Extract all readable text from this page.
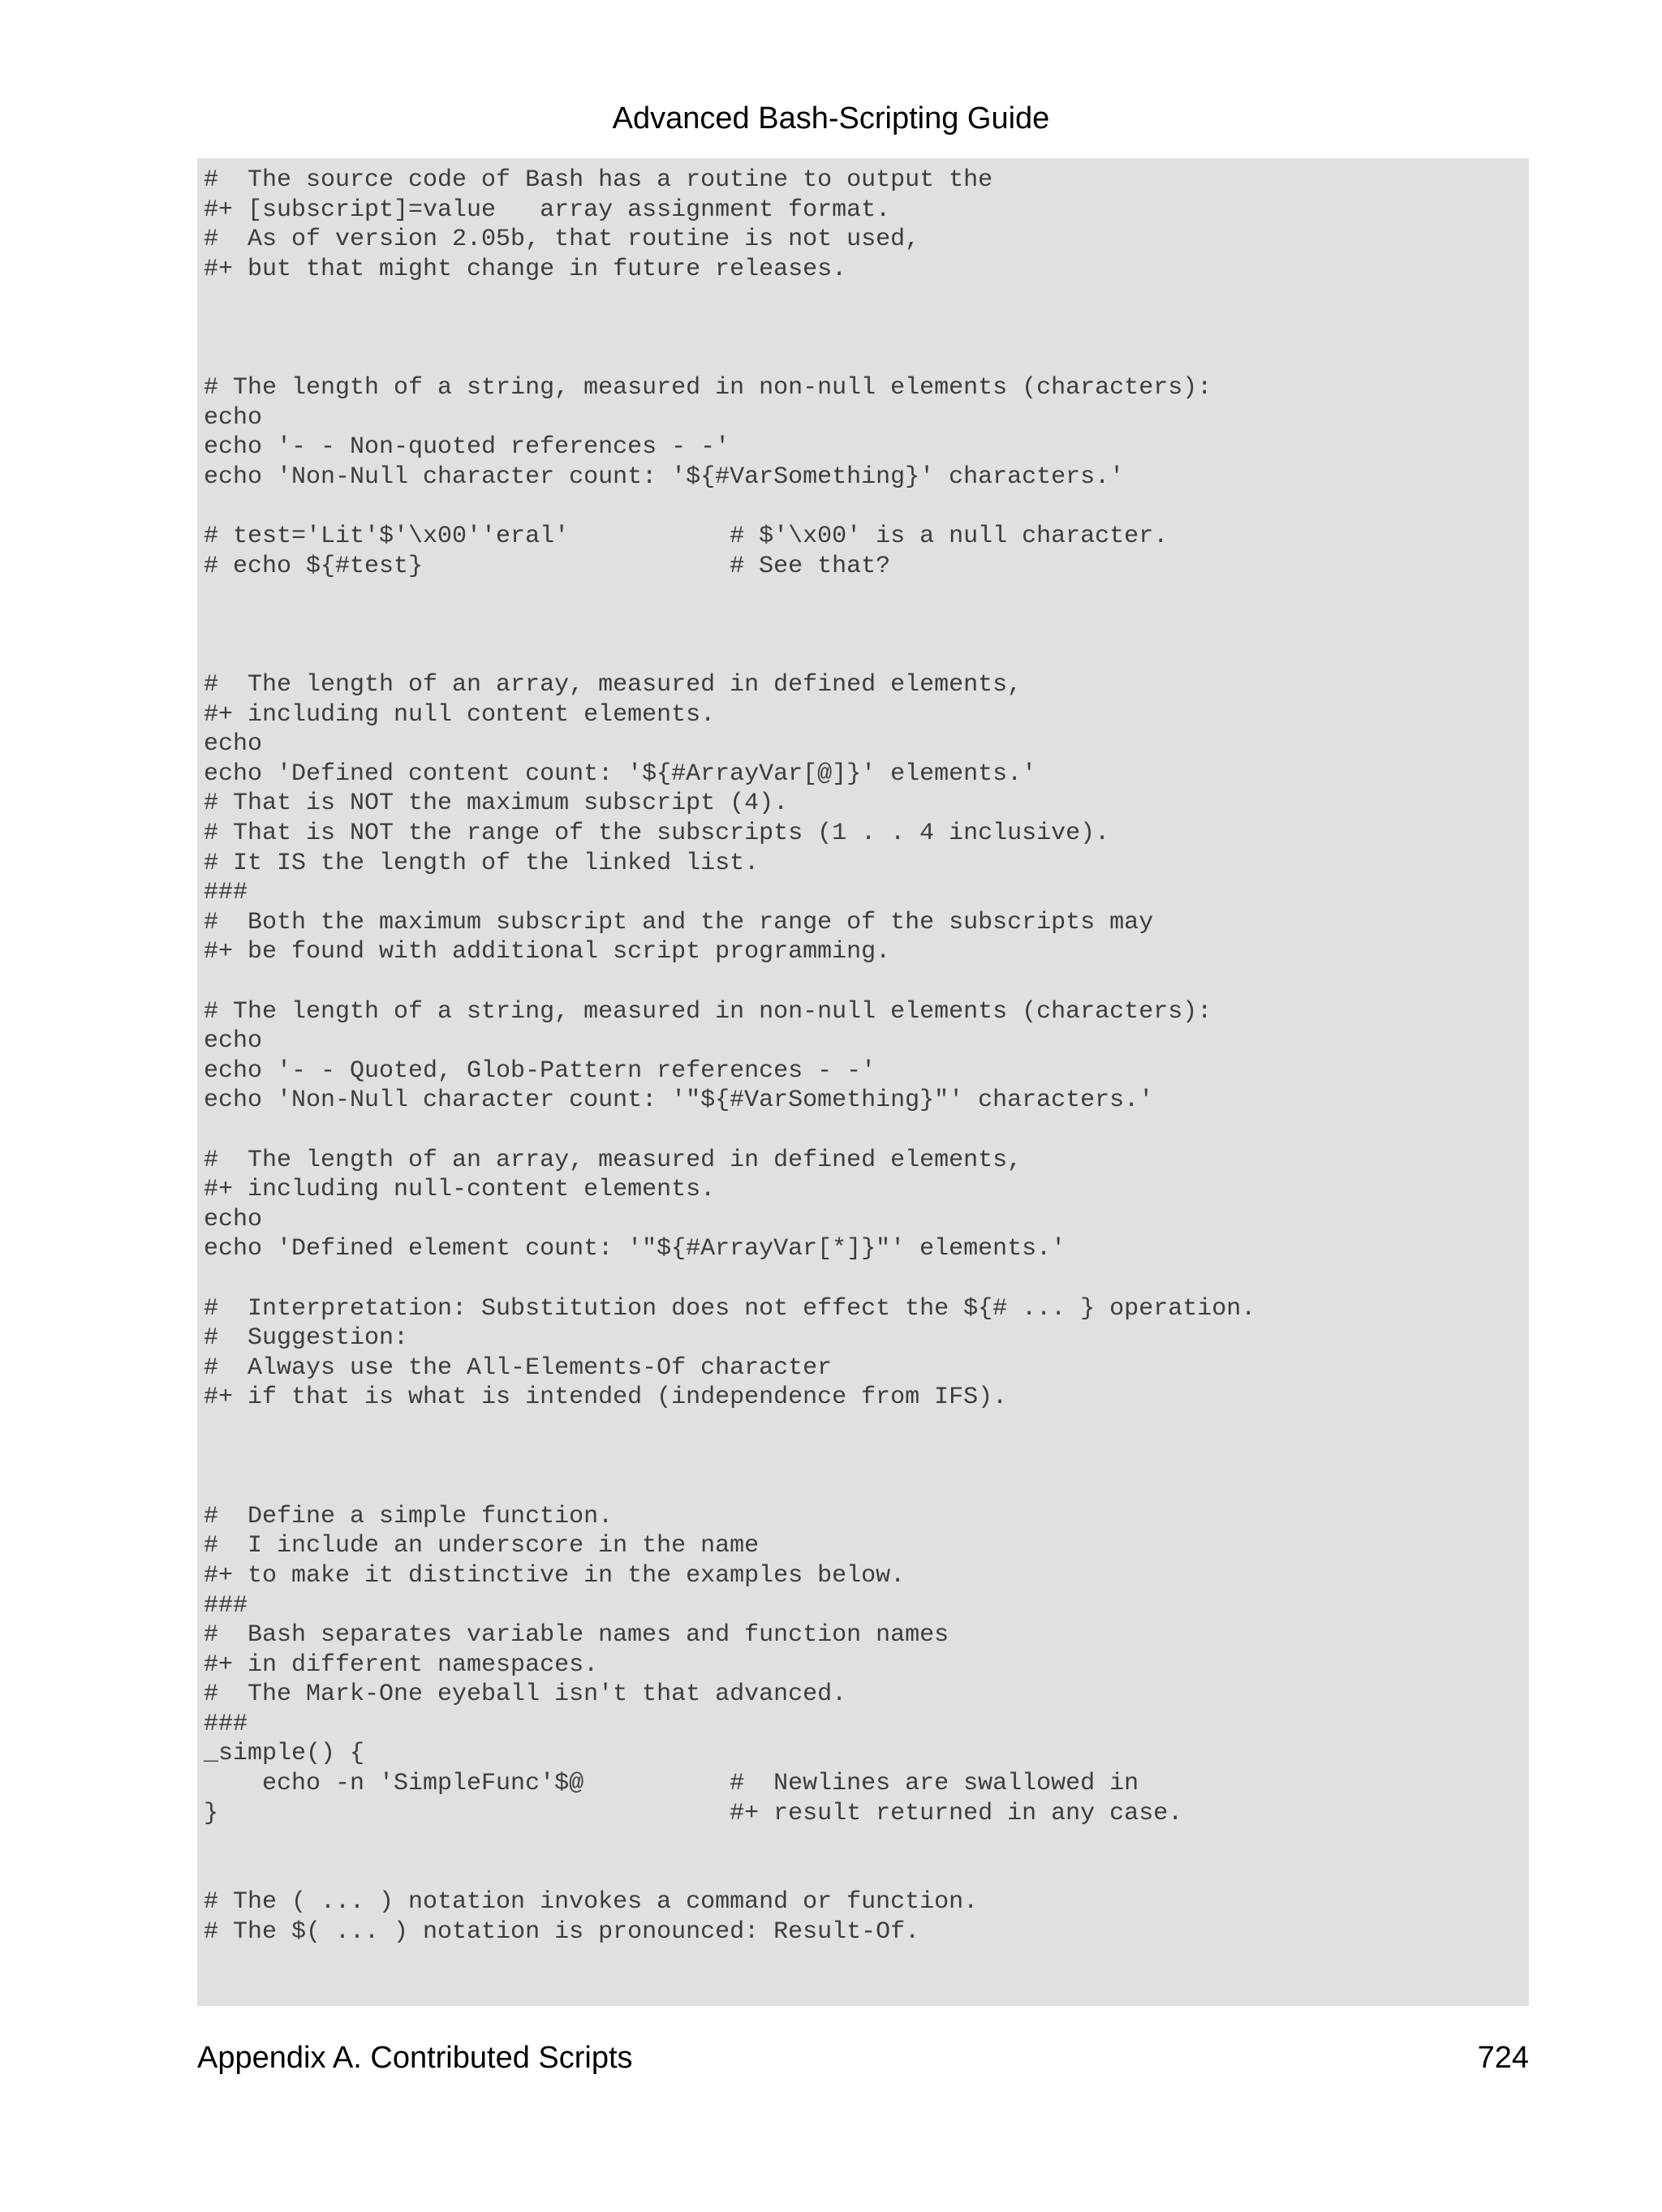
Advanced Bash-Scripting Guide
#  The source code of Bash has a routine to output the
#+ [subscript]=value   array assignment format.
#  As of version 2.05b, that routine is not used,
#+ but that might change in future releases.
# The length of a string, measured in non-null elements (characters):
echo
echo '- - Non-quoted references - -'
echo 'Non-Null character count: '${#VarSomething}' characters.'
# test='Lit'$'\x00''eral'           # $'\x00' is a null character.
# echo ${#test}                     # See that?
#  The length of an array, measured in defined elements,
#+ including null content elements.
echo
echo 'Defined content count: '${#ArrayVar[@]}' elements.'
# That is NOT the maximum subscript (4).
# That is NOT the range of the subscripts (1 . . 4 inclusive).
# It IS the length of the linked list.
###
#  Both the maximum subscript and the range of the subscripts may
#+ be found with additional script programming.
# The length of a string, measured in non-null elements (characters):
echo
echo '- - Quoted, Glob-Pattern references - -'
echo 'Non-Null character count: '"${#VarSomething}"' characters.'
#  The length of an array, measured in defined elements,
#+ including null-content elements.
echo
echo 'Defined element count: '"${#ArrayVar[*]}"' elements.'
#  Interpretation: Substitution does not effect the ${# ... } operation.
#  Suggestion:
#  Always use the All-Elements-Of character
#+ if that is what is intended (independence from IFS).
#  Define a simple function.
#  I include an underscore in the name
#+ to make it distinctive in the examples below.
###
#  Bash separates variable names and function names
#+ in different namespaces.
#  The Mark-One eyeball isn't that advanced.
###
_simple() {
echo -n 'SimpleFunc'$@          #  Newlines are swallowed in
}                                   #+ result returned in any case.
# The ( ... ) notation invokes a command or function.
# The $( ... ) notation is pronounced: Result-Of.
Appendix A. Contributed Scripts	724
